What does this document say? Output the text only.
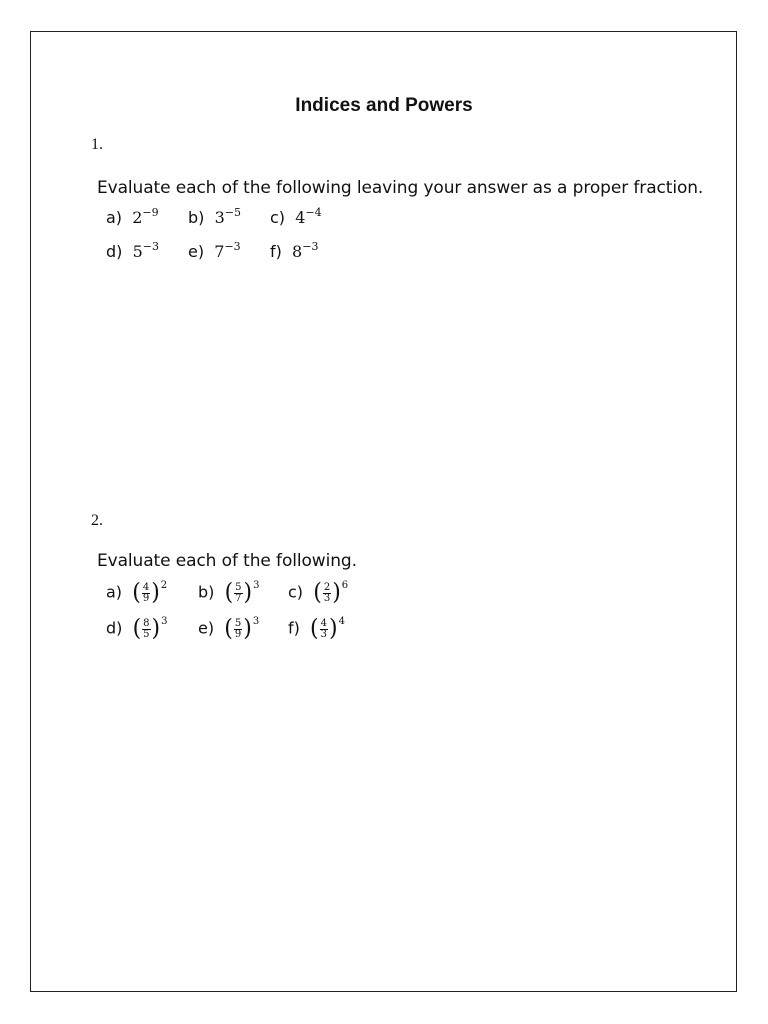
Indices and Powers
1.
Evaluate each of the following leaving your answer as a proper fraction.
a) $2^{-9}$ b) $3^{-5}$ c) $4^{-4}$
d) $5^{-3}$ e) $7^{-3}$ f) $8^{-3}$
2.
Evaluate each of the following.
a) ( $\frac{4}{9}$ ) 2 b) ( $\frac{5}{7}$ ) 3 c) ( $\frac{2}{3}$ ) 6
d) ( $\frac{8}{5}$ ) 3 e) ( $\frac{5}{9}$ ) 3 f) ( $\frac{4}{3}$ ) 4
